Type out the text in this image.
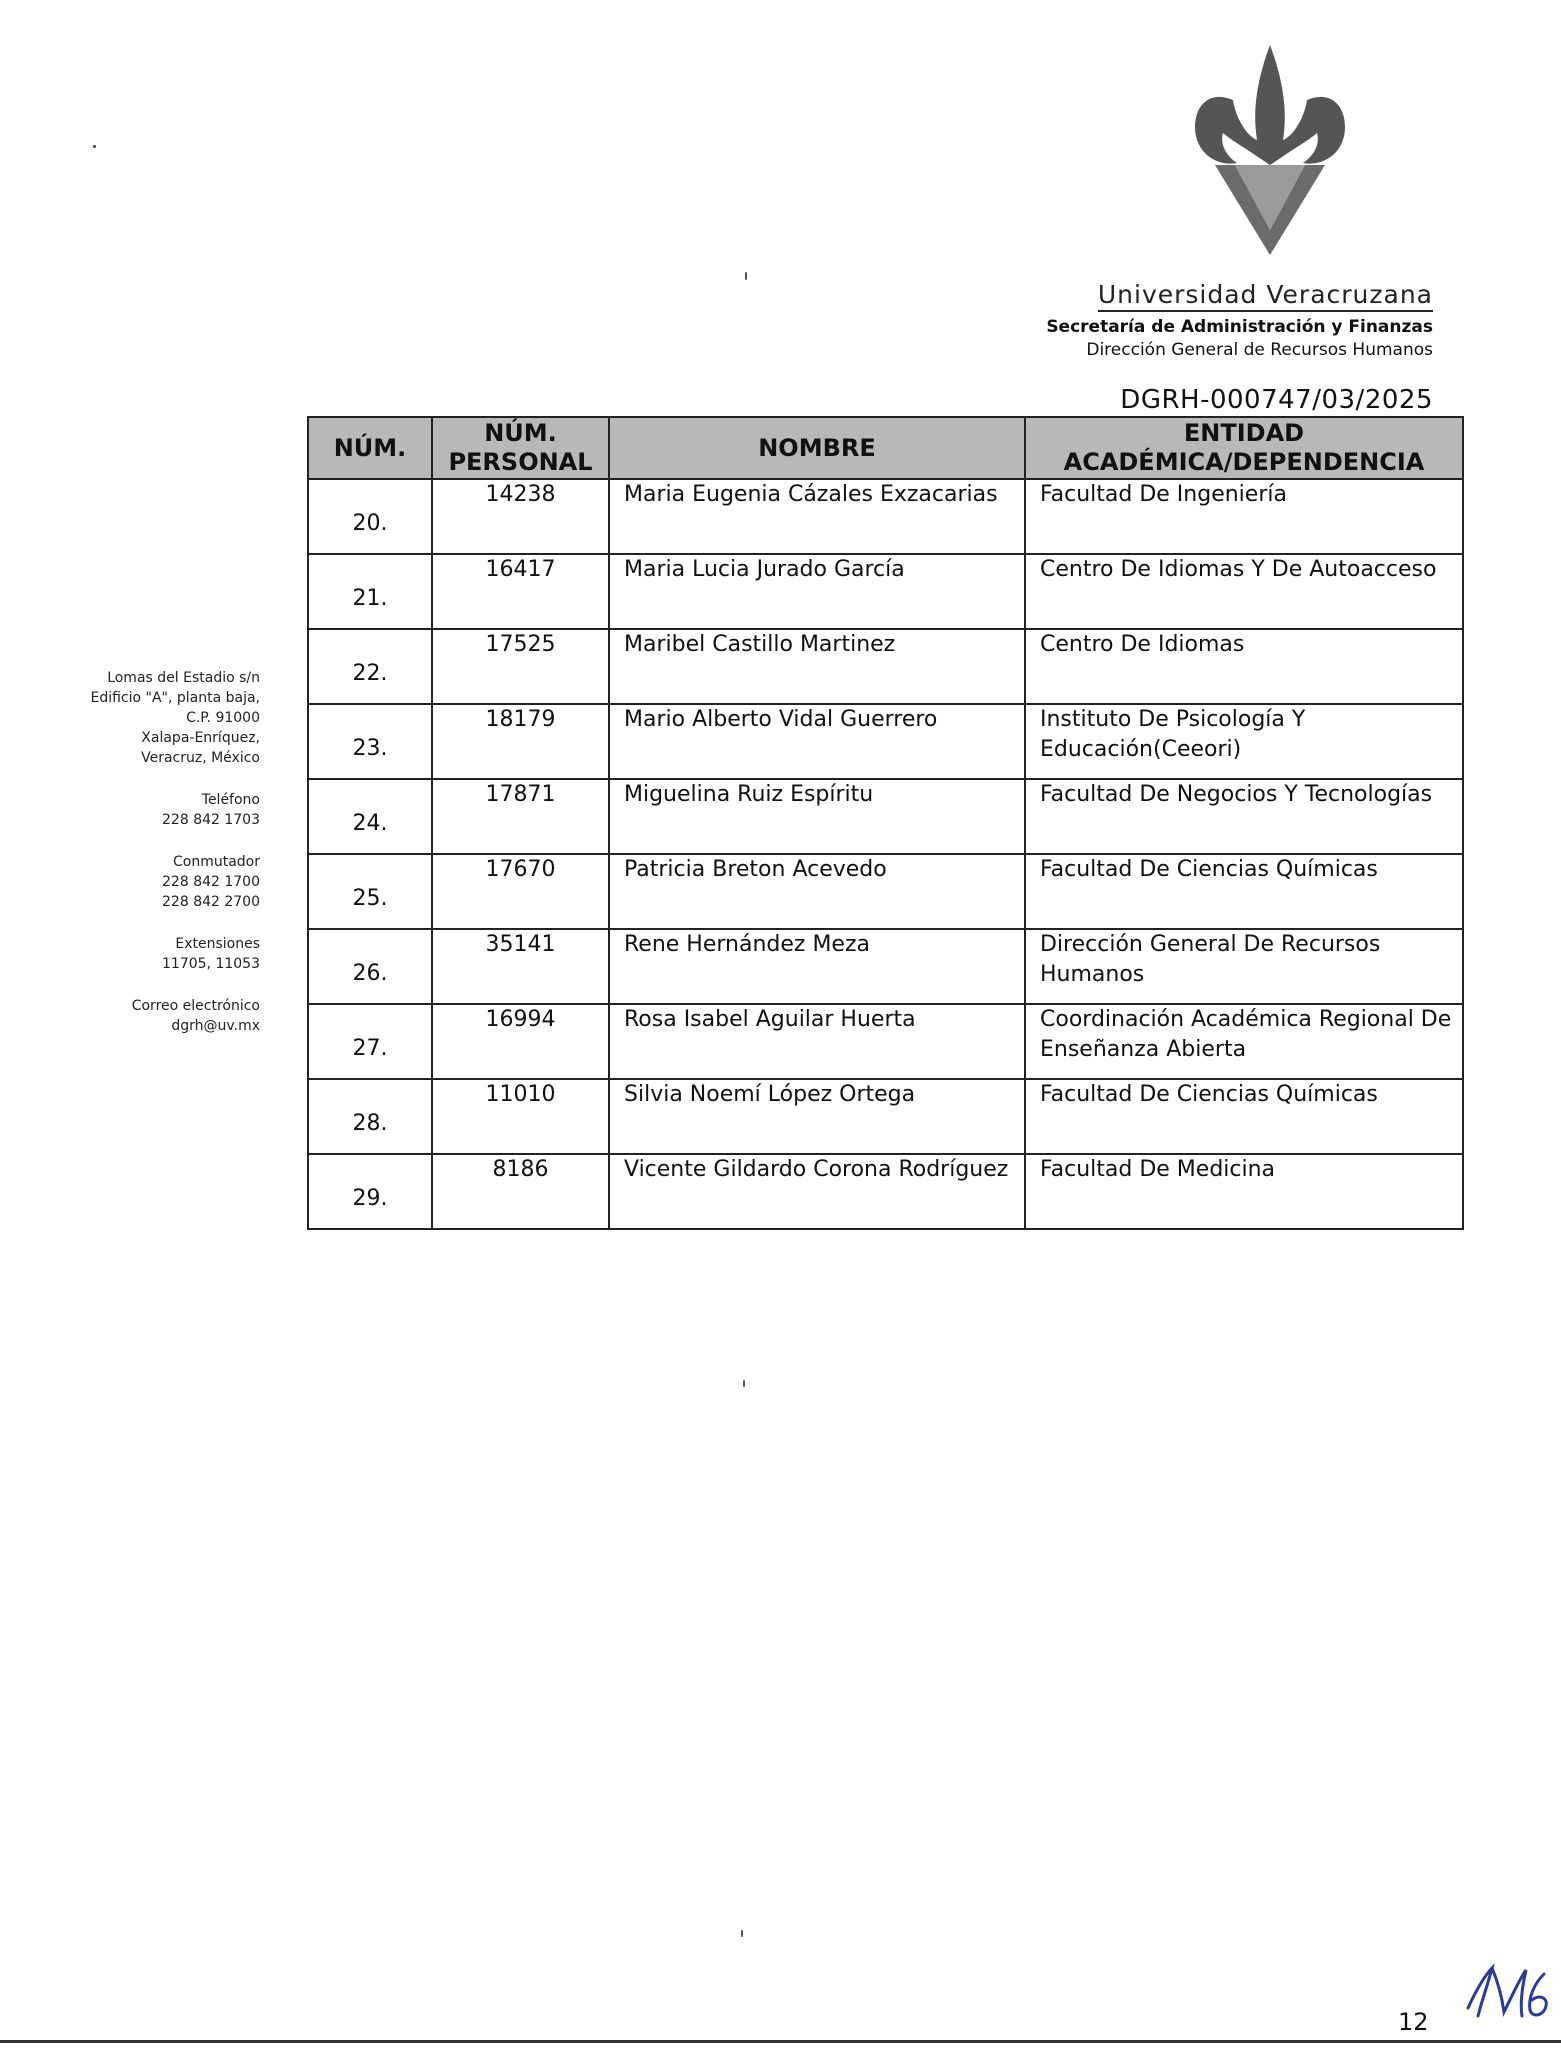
Universidad Veracruzana
Secretaría de Administración y Finanzas
Dirección General de Recursos Humanos
DGRH-000747/03/2025
Lomas del Estadio s/n
Edificio "A", planta baja,
C.P. 91000
Xalapa-Enríquez,
Veracruz, México
Teléfono
228 842 1703
Conmutador
228 842 1700
228 842 2700
Extensiones
11705, 11053
Correo electrónico
dgrh@uv.mx
NÚM.	NÚM. PERSONAL	NOMBRE	ENTIDAD ACADÉMICA/DEPENDENCIA
20.	14238	Maria Eugenia Cázales Exzacarias	Facultad De Ingeniería
21.	16417	Maria Lucia Jurado García	Centro De Idiomas Y De Autoacceso
22.	17525	Maribel Castillo Martinez	Centro De Idiomas
23.	18179	Mario Alberto Vidal Guerrero	Instituto De Psicología Y Educación(Ceeori)
24.	17871	Miguelina Ruiz Espíritu	Facultad De Negocios Y Tecnologías
25.	17670	Patricia Breton Acevedo	Facultad De Ciencias Químicas
26.	35141	Rene Hernández Meza	Dirección General De Recursos Humanos
27.	16994	Rosa Isabel Aguilar Huerta	Coordinación Académica Regional De Enseñanza Abierta
28.	11010	Silvia Noemí López Ortega	Facultad De Ciencias Químicas
29.	8186	Vicente Gildardo Corona Rodríguez	Facultad De Medicina
12
